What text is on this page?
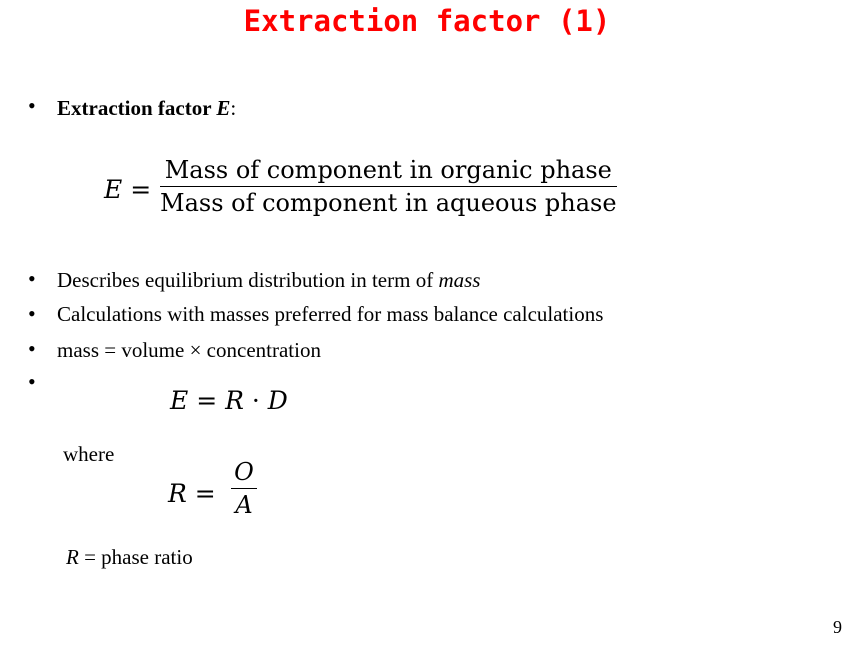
Extraction factor (1)
• Extraction factor E:
E =
Mass of component in organic phase
Mass of component in aqueous phase
• Describes equilibrium distribution in term of mass
• Calculations with masses preferred for mass balance calculations
• mass = volume × concentration
•
E = R · D
where
R =
O
A
R = phase ratio
9
